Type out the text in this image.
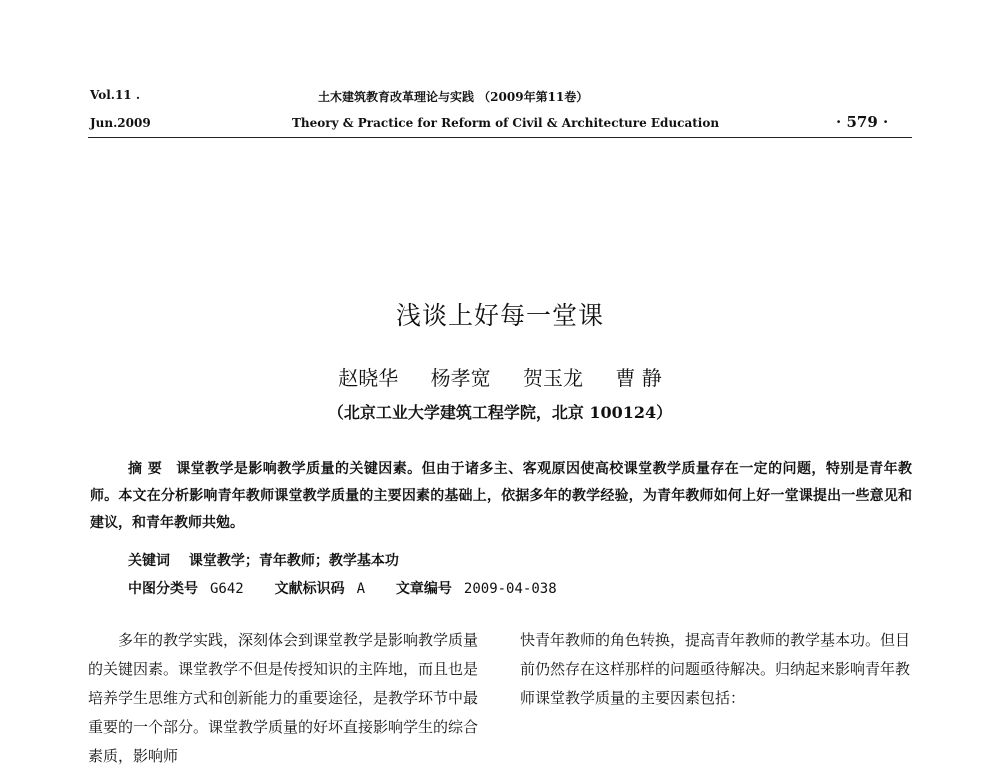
Vol.11 .
Jun.2009
土木建筑教育改革理论与实践 （2009年第11卷）
Theory & Practice for Reform of Civil & Architecture Education	· 579 ·
浅谈上好每一堂课
赵晓华 杨孝宽 贺玉龙 曹 静
（北京工业大学建筑工程学院，北京 100124）

摘 要 课堂教学是影响教学质量的关键因素。但由于诸多主、客观原因使高校课堂教学质量存在一定的问题，特别是青年教师。本文在分析影响青年教师课堂教学质量的主要因素的基础上，依据多年的教学经验，为青年教师如何上好一堂课提出一些意见和建议，和青年教师共勉。

关键词 课堂教学；青年教师；教学基本功
中图分类号 G642 文献标识码 A 文章编号 2009-04-038

多年的教学实践，深刻体会到课堂教学是影响教学质量的关键因素。课堂教学不但是传授知识的主阵地，而且也是培养学生思维方式和创新能力的重要途径，是教学环节中最重要的一个部分。课堂教学质量的好坏直接影响学生的综合素质，影响师

快青年教师的角色转换，提高青年教师的教学基本功。但目前仍然存在这样那样的问题亟待解决。归纳起来影响青年教师课堂教学质量的主要因素包括：
